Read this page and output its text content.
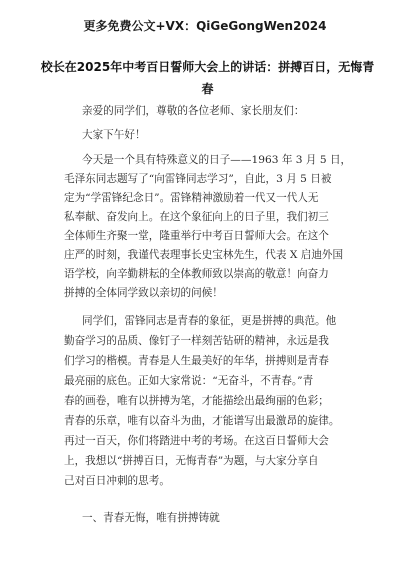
更多免费公文+VX：QiGeGongWen2024
校长在2025年中考百日誓师大会上的讲话：拼搏百日，无悔青春
亲爱的同学们，尊敬的各位老师、家长朋友们：
大家下午好！
今天是一个具有特殊意义的日子——1963 年 3 月 5 日，
毛泽东同志题写了“向雷锋同志学习”，自此，3 月 5 日被
定为“学雷锋纪念日”。雷锋精神激励着一代又一代人无
私奉献、奋发向上。在这个象征向上的日子里，我们初三
全体师生齐聚一堂，隆重举行中考百日誓师大会。在这个
庄严的时刻，我谨代表理事长史宝林先生，代表 X 启迪外国
语学校，向辛勤耕耘的全体教师致以崇高的敬意！向奋力
拼搏的全体同学致以亲切的问候！
同学们，雷锋同志是青春的象征，更是拼搏的典范。他
勤奋学习的品质、像钉子一样刻苦钻研的精神，永远是我
们学习的楷模。青春是人生最美好的年华，拼搏则是青春
最亮丽的底色。正如大家常说：“无奋斗，不青春。”青
春的画卷，唯有以拼搏为笔，才能描绘出最绚丽的色彩；
青春的乐章，唯有以奋斗为曲，才能谱写出最激昂的旋律。
再过一百天，你们将踏进中考的考场。在这百日誓师大会
上，我想以“拼搏百日，无悔青春”为题，与大家分享自
己对百日冲刺的思考。
一、青春无悔，唯有拼搏铸就
